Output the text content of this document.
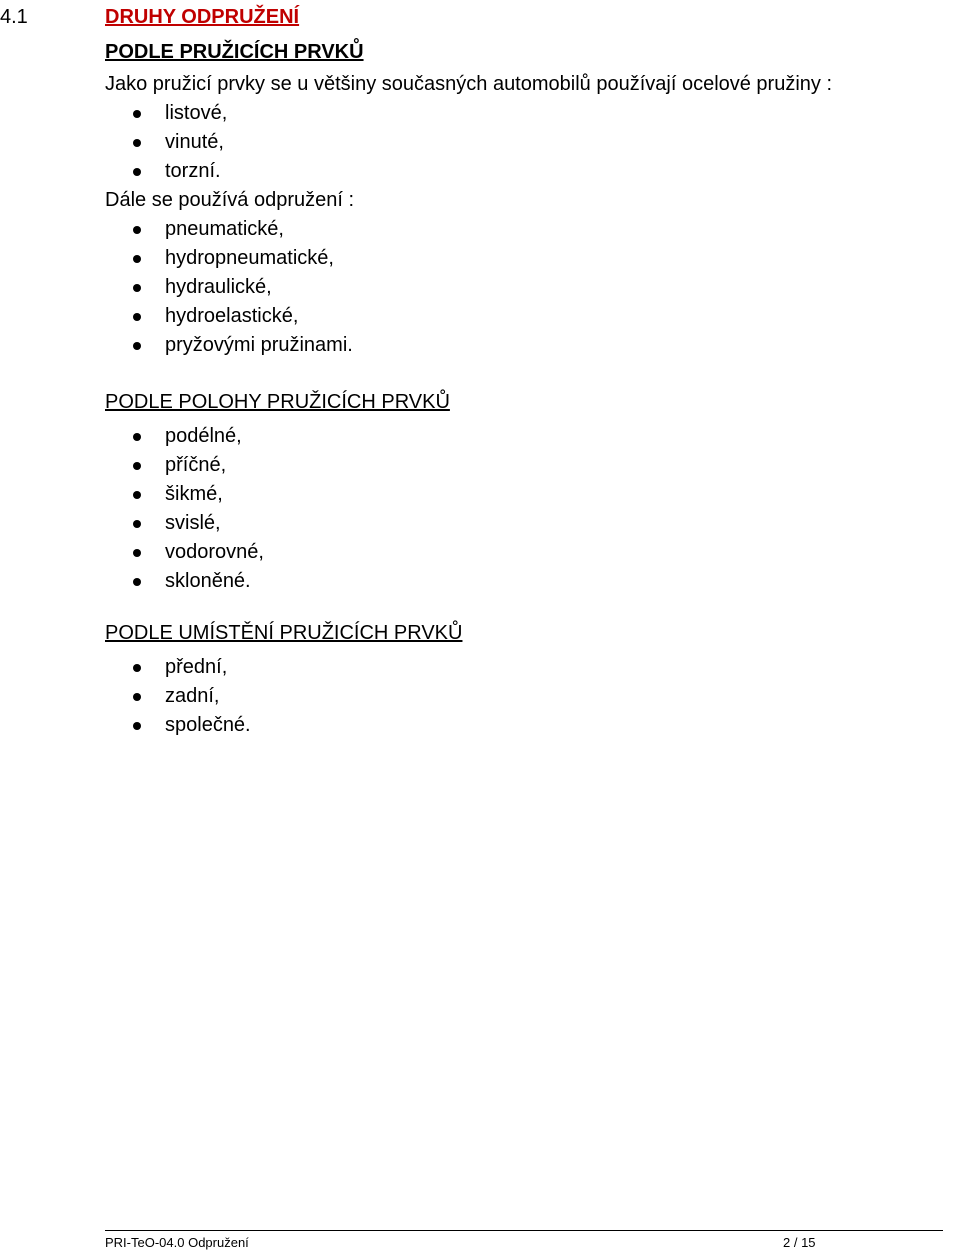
4.1	DRUHY ODPRUŽENÍ
PODLE PRUŽICÍCH PRVKŮ
Jako pružicí prvky se u většiny současných automobilů používají ocelové pružiny :
listové,
vinuté,
torzní.
Dále se používá odpružení :
pneumatické,
hydropneumatické,
hydraulické,
hydroelastické,
pryžovými pružinami.
PODLE POLOHY PRUŽICÍCH PRVKŮ
podélné,
příčné,
šikmé,
svislé,
vodorovné,
skloněné.
PODLE UMÍSTĚNÍ PRUŽICÍCH PRVKŮ
přední,
zadní,
společné.
PRI-TeO-04.0 Odpružení	2 / 15
